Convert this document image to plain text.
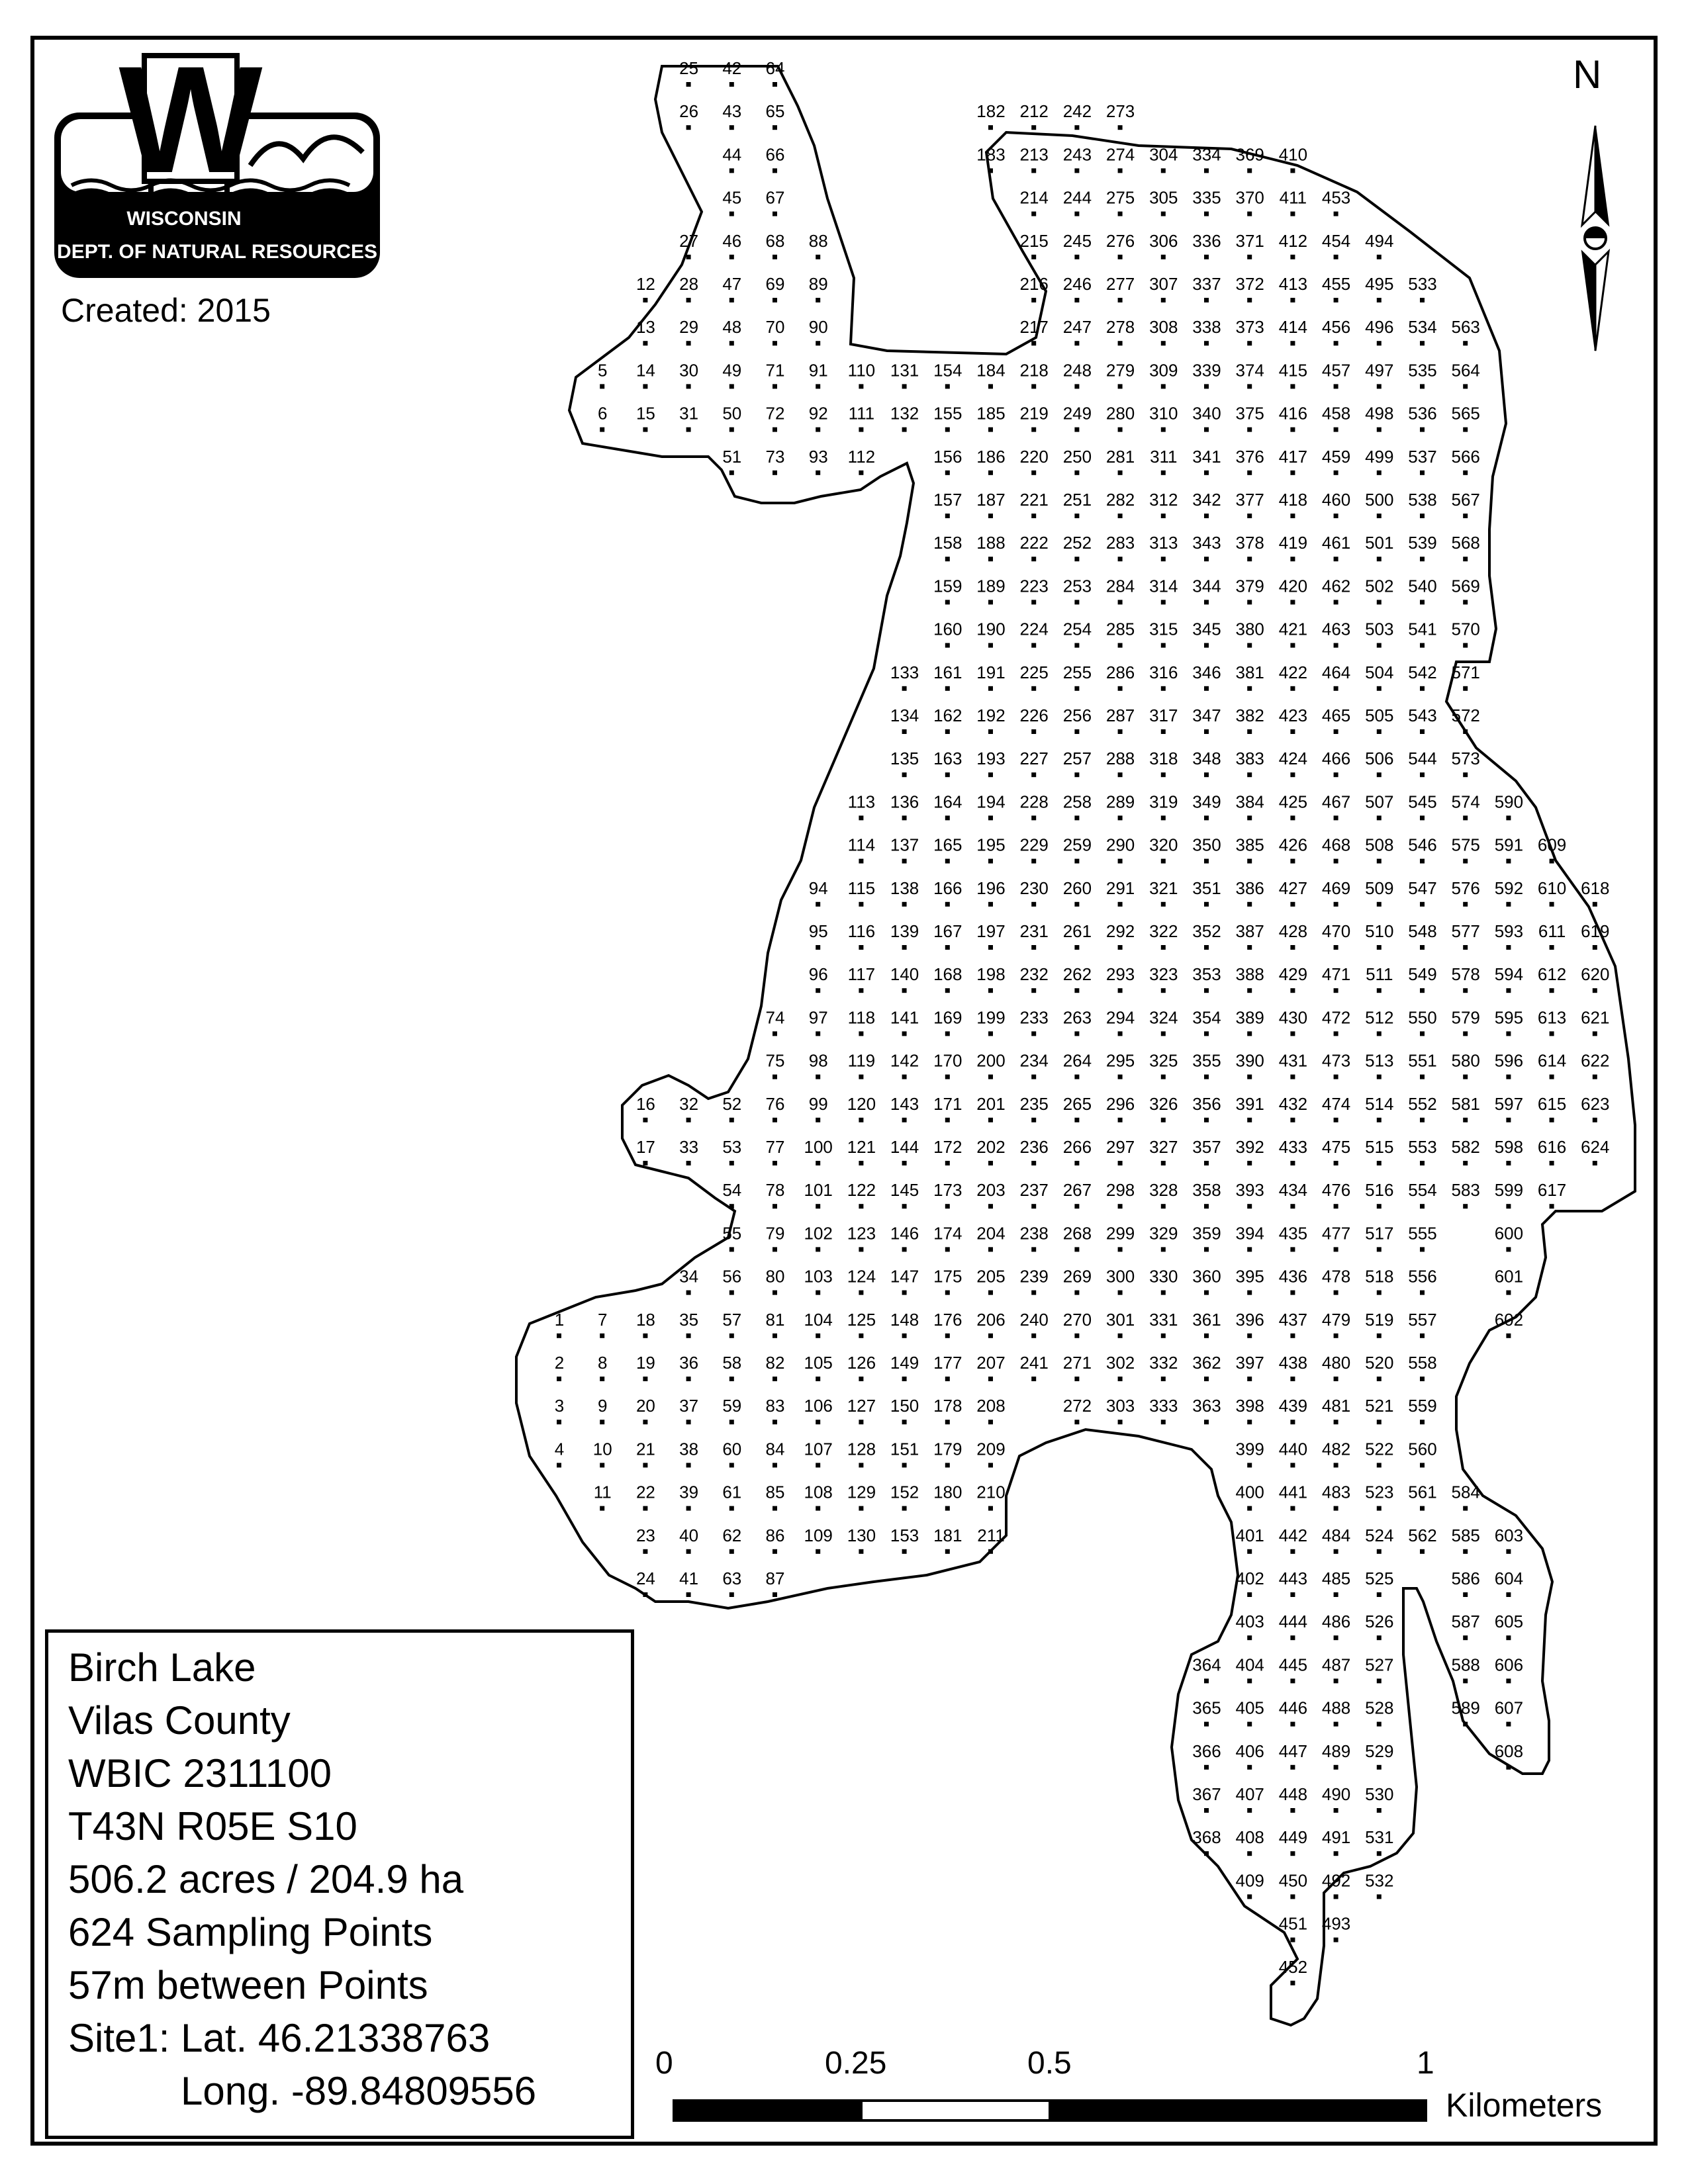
W
WISCONSIN
DEPT. OF NATURAL RESOURCES
Created: 2015
N
1
2
3
4
7
8
9
10
11
5
6
12
13
14
15
16
17
18
19
20
21
22
23
24
25
26
27
28
29
30
31
32
33
34
35
36
37
38
39
40
41
42
43
44
45
46
47
48
49
50
51
52
53
54
55
56
57
58
59
60
61
62
63
64
65
66
67
68
69
70
71
72
73
74
75
76
77
78
79
80
81
82
83
84
85
86
87
88
89
90
91
92
93
94
95
96
97
98
99
100
101
102
103
104
105
106
107
108
109
110
111
112
113
114
115
116
117
118
119
120
121
122
123
124
125
126
127
128
129
130
131
132
133
134
135
136
137
138
139
140
141
142
143
144
145
146
147
148
149
150
151
152
153
154
155
156
157
158
159
160
161
162
163
164
165
166
167
168
169
170
171
172
173
174
175
176
177
178
179
180
181
182
183
184
185
186
187
188
189
190
191
192
193
194
195
196
197
198
199
200
201
202
203
204
205
206
207
208
209
210
211
212
213
214
215
216
217
218
219
220
221
222
223
224
225
226
227
228
229
230
231
232
233
234
235
236
237
238
239
240
241
242
243
244
245
246
247
248
249
250
251
252
253
254
255
256
257
258
259
260
261
262
263
264
265
266
267
268
269
270
271
272
273
274
275
276
277
278
279
280
281
282
283
284
285
286
287
288
289
290
291
292
293
294
295
296
297
298
299
300
301
302
303
304
305
306
307
308
309
310
311
312
313
314
315
316
317
318
319
320
321
322
323
324
325
326
327
328
329
330
331
332
333
334
335
336
337
338
339
340
341
342
343
344
345
346
347
348
349
350
351
352
353
354
355
356
357
358
359
360
361
362
363
364
365
366
367
368
369
370
371
372
373
374
375
376
377
378
379
380
381
382
383
384
385
386
387
388
389
390
391
392
393
394
395
396
397
398
399
400
401
402
403
404
405
406
407
408
409
410
411
412
413
414
415
416
417
418
419
420
421
422
423
424
425
426
427
428
429
430
431
432
433
434
435
436
437
438
439
440
441
442
443
444
445
446
447
448
449
450
451
452
453
454
455
456
457
458
459
460
461
462
463
464
465
466
467
468
469
470
471
472
473
474
475
476
477
478
479
480
481
482
483
484
485
486
487
488
489
490
491
492
493
494
495
496
497
498
499
500
501
502
503
504
505
506
507
508
509
510
511
512
513
514
515
516
517
518
519
520
521
522
523
524
525
526
527
528
529
530
531
532
533
534
535
536
537
538
539
540
541
542
543
544
545
546
547
548
549
550
551
552
553
554
555
556
557
558
559
560
561
562
563
564
565
566
567
568
569
570
571
572
573
574
575
576
577
578
579
580
581
582
583
584
585
586
587
588
589
590
591
592
593
594
595
596
597
598
599
600
601
602
603
604
605
606
607
608
609
610
611
612
613
614
615
616
617
618
619
620
621
622
623
624
Birch Lake
Vilas County
WBIC 2311100
T43N R05E S10
506.2 acres / 204.9 ha
624 Sampling Points
57m between Points
Site1: Lat. 46.21338763
Long. -89.84809556
0	0.25	0.5	1
Kilometers
